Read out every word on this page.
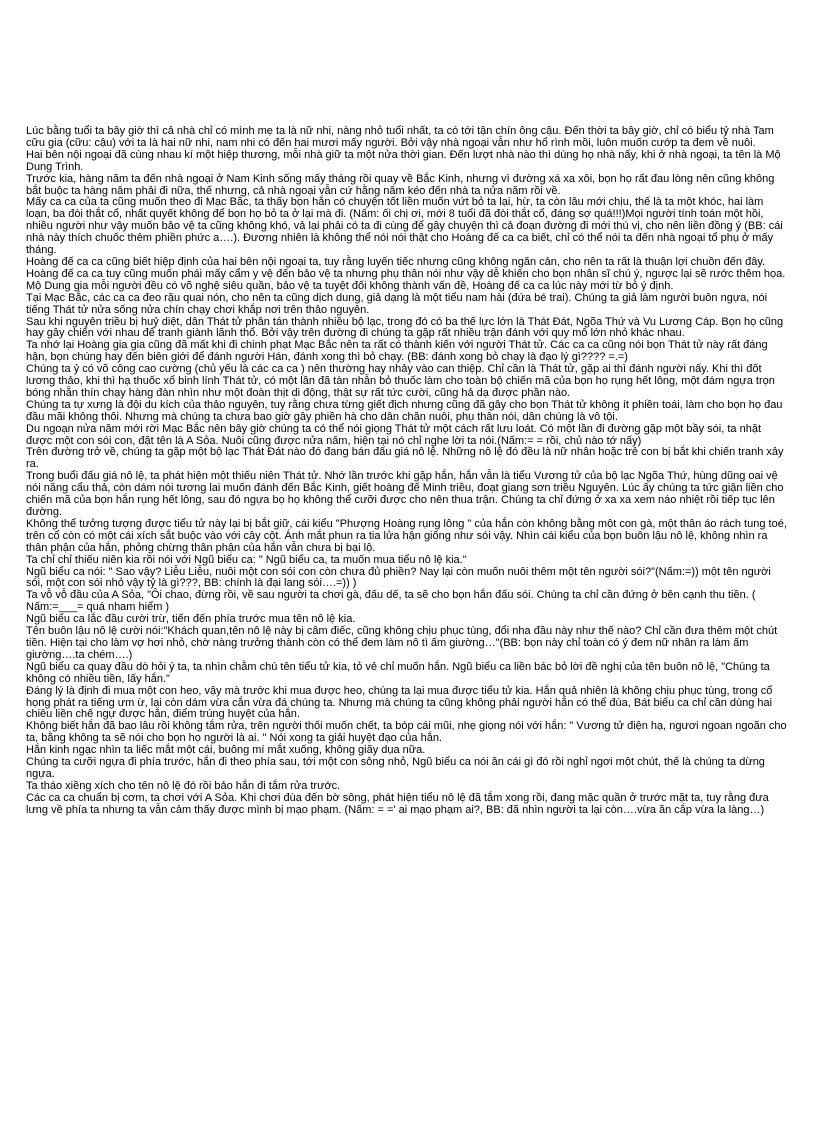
Lúc bằng tuổi ta bây giờ thì cả nhà chỉ có mình mẹ ta là nữ nhi, nàng nhỏ tuổi nhất, ta có tới tận chín ông cậu. Đến thời ta bây giờ, chỉ có biểu tỷ nhà Tam cữu gia (cữu: cậu) với ta là hai nữ nhi, nam nhi có đến hai mươi mấy người. Bởi vậy nhà ngoại vẫn như hổ rình mồi, luôn muốn cướp ta đem về nuôi.

Hai bên nội ngoại đã cùng nhau kí một hiệp thương, mỗi nhà giữ ta một nửa thời gian. Đến lượt nhà nào thì dùng họ nhà nấy, khi ở nhà ngoại, ta tên là Mộ Dung Trình.

Trước kia, hàng năm ta đến nhà ngoại ở Nam Kinh sống mấy tháng rồi quay về Bắc Kinh, nhưng vì đường xá xa xôi, bọn họ rất đau lòng nên cũng không bắt buộc ta hàng năm phải đi nữa, thế nhưng, cả nhà ngoại vẫn cứ hằng năm kéo đến nhà ta nửa năm rồi về.

Mấy ca ca của ta cũng muốn theo đi Mạc Bắc, ta thấy bọn hắn có chuyện tốt liền muốn vứt bỏ ta lại, hừ, ta còn lâu mới chịu, thế là ta một khóc, hai làm loạn, ba đòi thắt cổ, nhất quyết không để bọn họ bỏ ta ở lại mà đi. (Nấm: ối chị ơi, mới 8 tuổi đã đòi thắt cổ, đáng sợ quá!!!)Mọi người tính toán một hồi, nhiều người như vậy muốn bảo vệ ta cũng không khó, vả lại phải có ta đi cùng để gây chuyện thì cả đoạn đường đi mới thú vị, cho nên liền đồng ý (BB: cái nhà này thích chuốc thêm phiền phức a….). Đương nhiên là không thể nói nói thật cho Hoàng đế ca ca biết, chỉ có thể nói ta đến nhà ngoại tổ phụ ở mấy tháng.

Hoàng đế ca ca cũng biết hiệp định của hai bên nội ngoại ta, tuy rằng luyến tiếc nhưng cũng không ngăn cản, cho nên ta rất là thuận lợi chuồn đến đây. Hoàng đế ca ca tuy cũng muốn phái mấy cẩm y vệ đến bảo vệ ta nhưng phụ thân nói như vậy dễ khiến cho bọn nhân sĩ chú ý, ngược lại sẽ rước thêm họa. Mộ Dung gia mỗi người đều có võ nghệ siêu quần, bảo vệ ta tuyệt đối không thành vấn đề, Hoàng đế ca ca lúc này mới từ bỏ ý định.

Tại Mạc Bắc, các ca ca đeo rặu quai nón, cho nên ta cũng dịch dung, giả dạng là một tiểu nam hài (đứa bé trai). Chúng ta giả làm người buôn ngựa, nói tiếng Thát tử nửa sống nửa chín chạy chơi khắp nơi trên thảo nguyên.

Sau khi nguyên triều bị huỷ diệt, dân Thát tử phân tán thành nhiều bộ lạc, trong đó có ba thế lực lớn là Thát Đát, Ngõa Thứ và Vu Lương Cáp. Bọn họ cũng hay gây chiến với nhau để tranh giành lãnh thổ. Bởi vậy trên đường đi chúng ta gặp rất nhiều trận đánh với quy mô lớn nhỏ khác nhau.

Ta nhớ lại Hoàng gia gia cũng đã mất khi đi chinh phạt Mạc Bắc nên ta rất có thành kiến với người Thát tử. Các ca ca cũng nói bọn Thát tử này rất đáng hận, bọn chúng hay đến biên giới để đánh người Hán, đánh xong thì bỏ chạy. (BB: đánh xong bỏ chạy là đạo lý gì???? =.=)

Chúng ta ỷ có võ công cao cường (chủ yếu là các ca ca ) nên thường hay nhảy vào can thiệp. Chỉ cần là Thát tử, gặp ai thì đánh người nấy. Khi thì đốt lương thảo, khi thì hạ thuốc xổ binh lính Thát tử, có một lần đã tàn nhẫn bỏ thuốc làm cho toàn bộ chiến mã của bọn họ rụng hết lông, một đám ngựa trọn bóng nhẵn thín chạy hàng đàn nhìn như một đoàn thịt di động, thật sự rất tức cười, cũng hả dạ được phần nào.

Chúng ta tự xưng là đội du kích của thảo nguyên, tuy rằng chưa từng giết địch nhưng cũng đã gây cho bọn Thát tử không ít phiền toái, làm cho bọn họ đau đầu mãi không thôi. Nhưng mà chúng ta chưa bao giờ gây phiền hà cho dân chăn nuôi, phụ thân nói, dân chúng là vô tội.

Du ngoạn nửa năm mới rời Mạc Bắc nên bây giờ chúng ta có thể nói giọng Thát tử một cách rất lưu loát. Có một lần đi đường gặp một bầy sói, ta nhặt được một con sói con, đặt tên là A Sỏa. Nuôi cũng được nửa năm, hiện tại nó chỉ nghe lời ta nói.(Nấm:= = rồi, chủ nào tớ nấy)

Trên đường trở về, chúng ta gặp một bộ lạc Thát Đát nào đó đang bán đấu giá nô lệ. Những nô lệ đó đều là nữ nhân hoặc trẻ con bị bắt khi chiến tranh xảy ra.

Trong buổi đấu giá nô lệ, ta phát hiện một thiếu niên Thát tử. Nhớ lần trước khi gặp hắn, hắn vẫn là tiểu Vương tử của bộ lạc Ngõa Thứ, hùng dũng oai vệ nói năng cẩu thả, còn dám nói tương lai muốn đánh đến Bắc Kinh, giết hoàng đế Minh triều, đoạt giang sơn triều Nguyên. Lúc ấy chúng ta tức giận liền cho chiến mã của bọn hắn rụng hết lông, sau đó ngựa bọ họ không thể cưỡi được cho nên thua trận. Chúng ta chỉ đứng ở xa xa xem náo nhiệt rồi tiếp tục lên đường.

Không thể tưởng tượng được tiểu tử này lại bị bắt giữ, cái kiểu "Phượng Hoàng rụng lông " của hắn còn không bằng một con gà, một thân áo rách tung toé, trên cổ còn có một cái xích sắt buộc vào với cây cột. Ánh mắt phun ra tia lửa hận giống như sói vậy. Nhìn cái kiểu của bọn buôn lậu nô lệ, không nhìn ra thân phận của hắn, phỏng chừng thân phận của hắn vẫn chưa bị bại lộ.

Ta chỉ chỉ thiếu niên kia rồi nói với Ngũ biểu ca: " Ngũ biểu ca, ta muốn mua tiểu nô lệ kia."

Ngũ biểu ca nói: " Sao vậy? Liễu Liễu, nuôi một con sói con còn chưa đủ phiền? Nay lại còn muốn nuôi thêm một tên người sói?"(Nấm:=)) một tên người sói, một con sói nhỏ vậy tỷ là gì???, BB: chính là đại lang sói….=)) )

Ta vỗ vỗ đầu của A Sỏa, "Ôi chao, đừng rồi, về sau người ta chơi gà, đấu dế, ta sẽ cho bọn hắn đấu sói. Chúng ta chỉ cần đứng ở bên cạnh thu tiền. ( Nấm:=___= quá nham hiểm )

Ngũ biểu ca lắc đầu cười trừ, tiến đến phía trước mua tên nô lệ kia.

Tên buôn lậu nô lệ cười nói:"Khách quan,tên nô lệ này bị câm điếc, cũng không chịu phục tùng, đổi nha đầu này như thế nào? Chỉ cần đưa thêm một chút tiền. Hiện tại cho làm vợ hơi nhỏ, chờ nàng trưởng thành còn có thể đem làm nô tì ấm giường…"(BB: bọn này chỉ toàn có ý đem nữ nhân ra làm ấm giường….ta chém….)

Ngũ biểu ca quay đầu dò hỏi ý ta, ta nhìn chằm chú tên tiểu tử kia, tỏ vẻ chỉ muốn hắn. Ngũ biểu ca liền bác bỏ lời đề nghị của tên buôn nô lệ, "Chúng ta không có nhiều tiền, lấy hắn."

Đáng lý là định đi mua một con heo, vậy mà trước khi mua được heo, chúng ta lại mua được tiểu tử kia. Hắn quả nhiên là không chịu phục tùng, trong cổ họng phát ra tiếng ưm ừ, lại còn dám vừa cắn vừa đá chúng ta. Nhưng mà chúng ta cũng không phải người hắn có thể đùa, Bát biểu ca chỉ cần dùng hai chiêu liền chế ngự được hắn, điểm trúng huyệt của hắn.

Không biết hắn đã bao lâu rồi không tắm rửa, trên người thối muốn chết, ta bóp cái mũi, nhẹ giọng nói với hắn: " Vương tử điện hạ, ngươi ngoan ngoãn cho ta, bằng không ta sẽ nói cho bọn họ người là ai. " Nói xong ta giải huyệt đạo của hắn.

Hắn kinh ngạc nhìn ta liếc mắt một cái, buông mí mắt xuống, không giãy dụa nữa.

Chúng ta cưỡi ngựa đi phía trước, hắn đi theo phía sau, tới một con sông nhỏ, Ngũ biểu ca nói ăn cái gì đó rồi nghỉ ngơi một chút, thế là chúng ta dừng ngựa.

Ta tháo xiềng xích cho tên nô lệ đó rồi bảo hắn đi tắm rửa trước.

Các ca ca chuẩn bị cơm, ta chơi với A Sỏa. Khi chơi đùa đến bờ sông, phát hiện tiểu nô lệ đã tắm xong rồi, đang mặc quần ở trước mặt ta, tuy rằng đưa lưng về phía ta nhưng ta vẫn cảm thấy được mình bị mạo phạm. (Nấm: = =' ai mạo phạm ai?, BB: đã nhìn người ta lại còn….vừa ăn cắp vừa la làng…)
